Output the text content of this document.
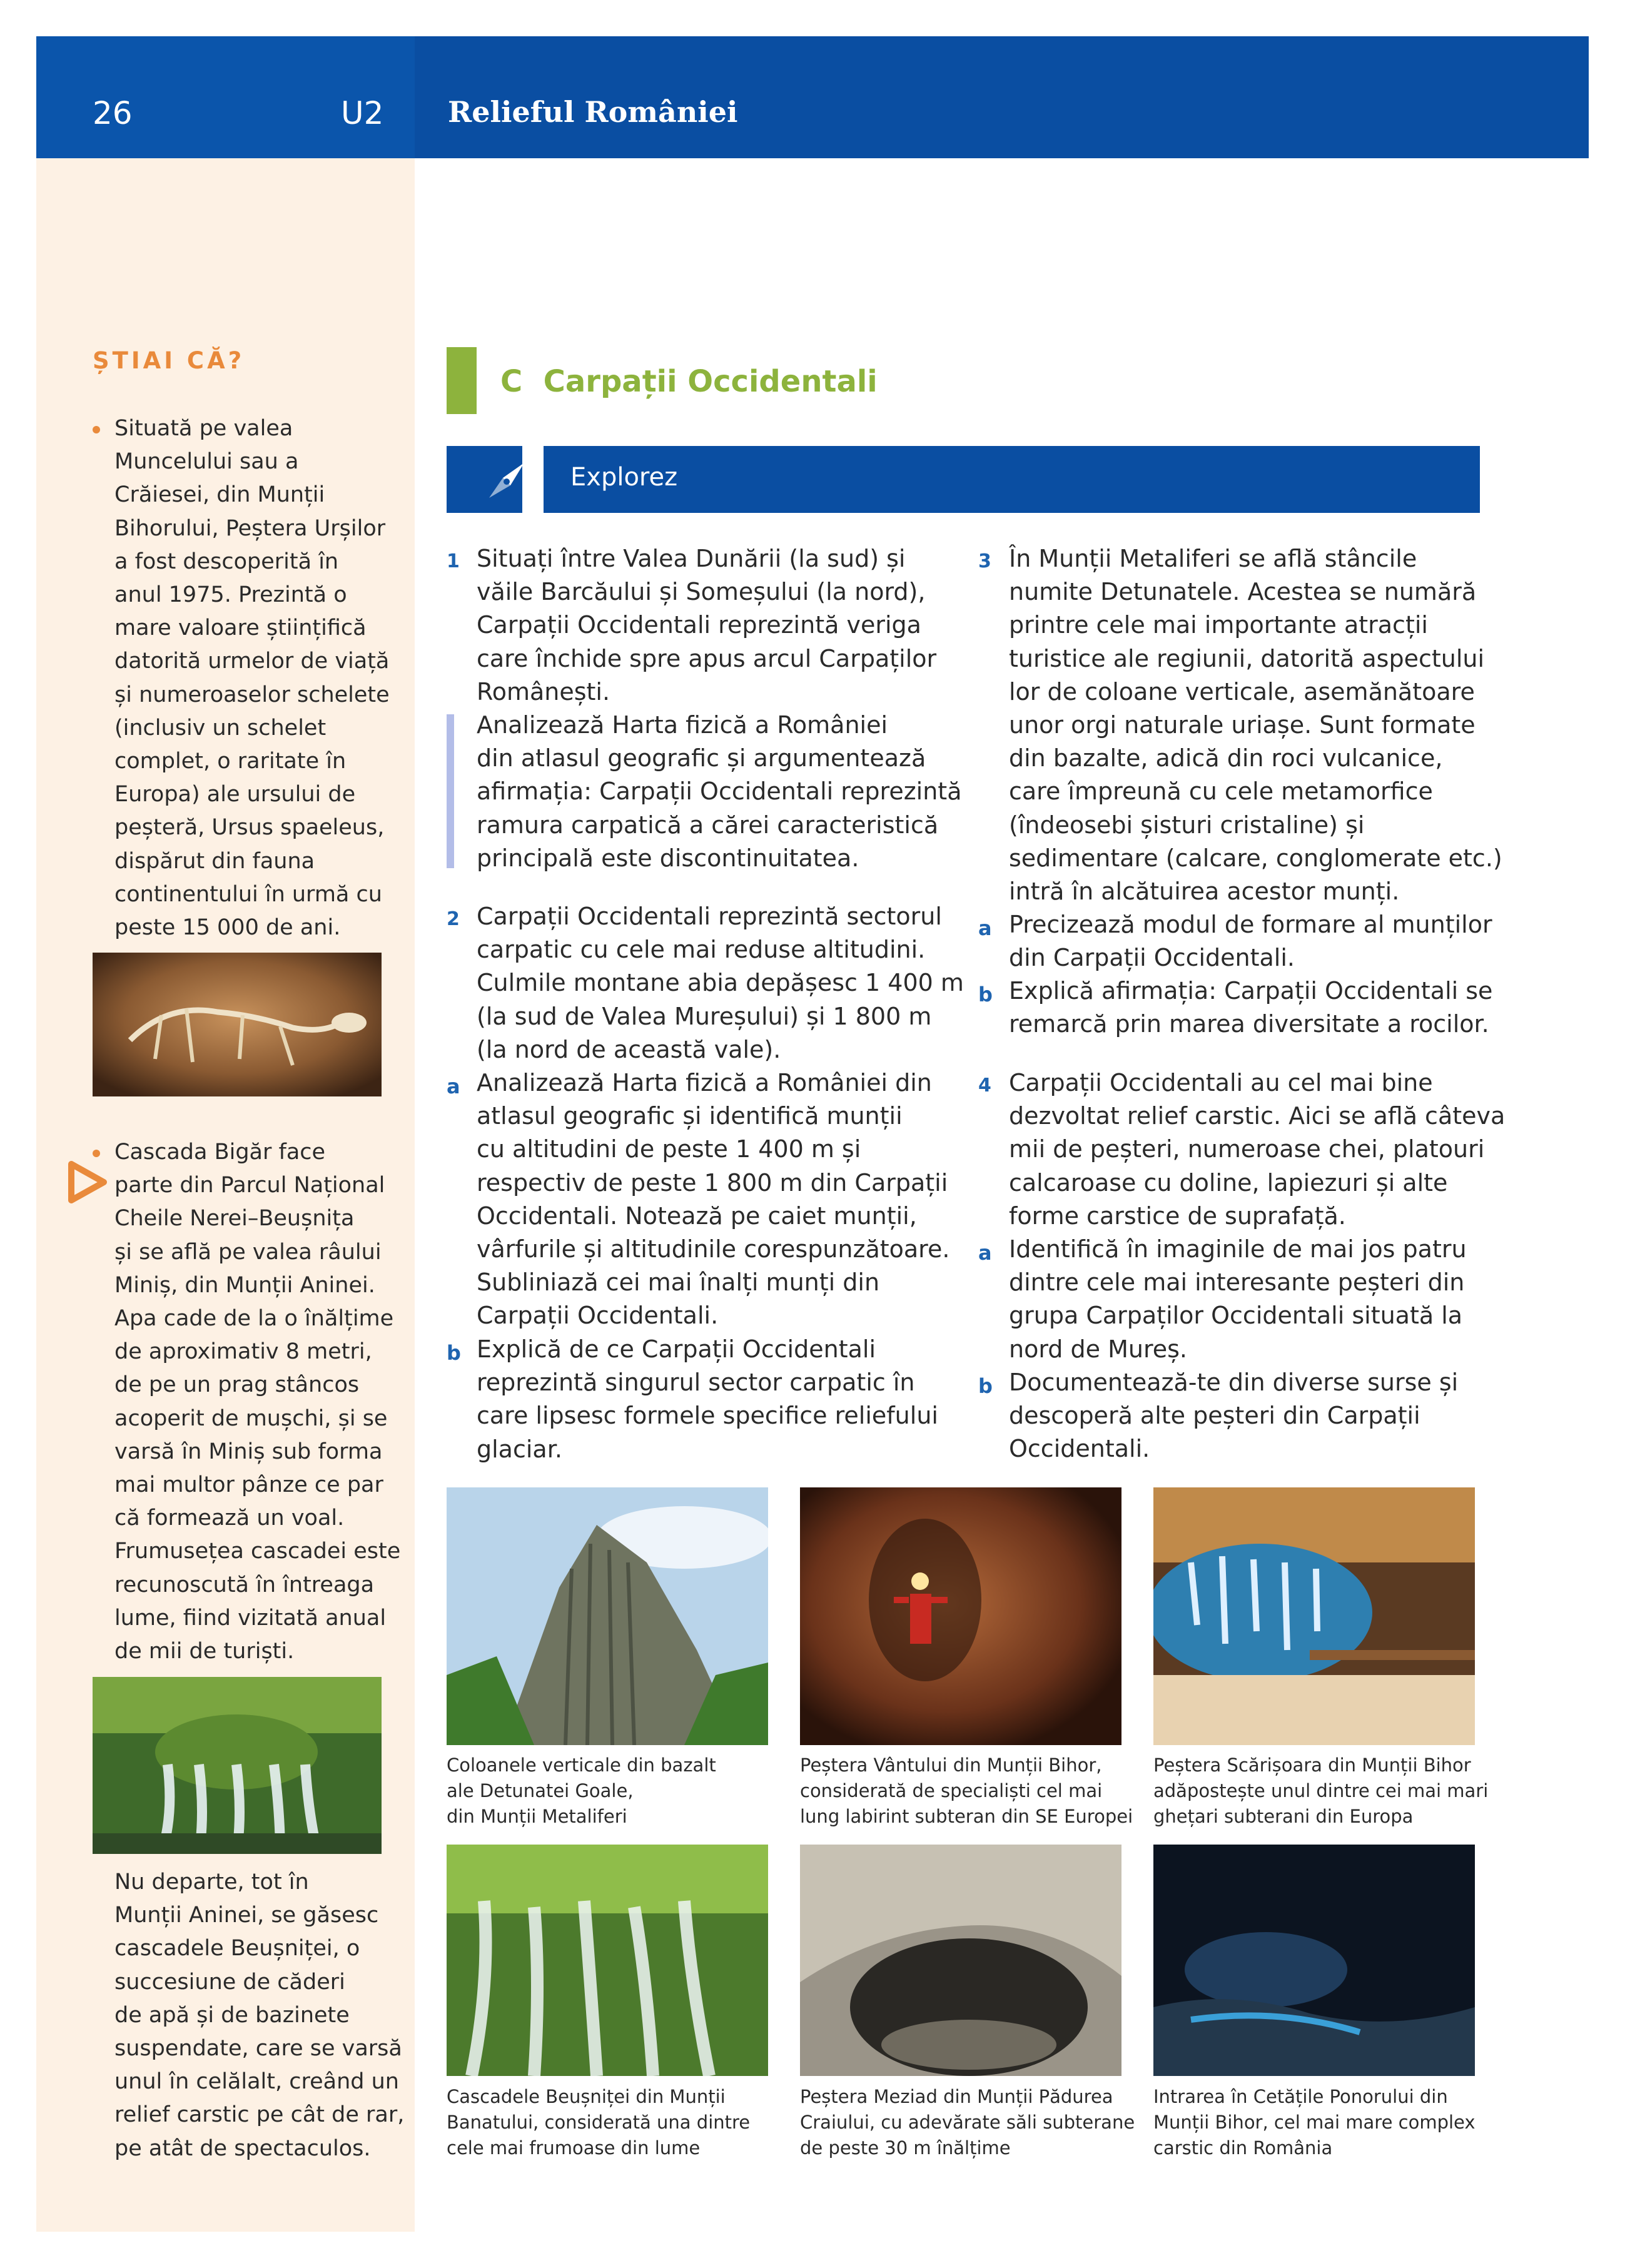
26	U2 Relieful României
ȘTIAI CĂ?
Situată pe valea
Muncelului sau a
Crăiesei, din Munții
Bihorului, Peștera Urșilor
a fost descoperită în
anul 1975. Prezintă o
mare valoare științifică
datorită urmelor de viață
și numeroaselor schelete
(inclusiv un schelet
complet, o raritate în
Europa) ale ursului de
peșteră, Ursus spaeleus,
dispărut din fauna
continentului în urmă cu
peste 15 000 de ani.
Cascada Bigăr face
parte din Parcul Național
Cheile Nerei–Beușnița
și se află pe valea râului
Miniș, din Munții Aninei.
Apa cade de la o înălțime
de aproximativ 8 metri,
de pe un prag stâncos
acoperit de mușchi, și se
varsă în Miniș sub forma
mai multor pânze ce par
că formează un voal.
Frumusețea cascadei este
recunoscută în întreaga
lume, fiind vizitată anual
de mii de turiști.
Nu departe, tot în
Munții Aninei, se găsesc
cascadele Beușniței, o
succesiune de căderi
de apă și de bazinete
suspendate, care se varsă
unul în celălalt, creând un
relief carstic pe cât de rar,
pe atât de spectaculos.
C Carpații Occidentali
Explorez
1 Situați între Valea Dunării (la sud) și
văile Barcăului și Someșului (la nord),
Carpații Occidentali reprezintă veriga
care închide spre apus arcul Carpaților
Românești.
Analizează Harta fizică a României
din atlasul geografic și argumentează
afirmația: Carpații Occidentali reprezintă
ramura carpatică a cărei caracteristică
principală este discontinuitatea.
2 Carpații Occidentali reprezintă sectorul
carpatic cu cele mai reduse altitudini.
Culmile montane abia depășesc 1 400 m
(la sud de Valea Mureșului) și 1 800 m
(la nord de această vale).
a Analizează Harta fizică a României din
atlasul geografic și identifică munții
cu altitudini de peste 1 400 m și
respectiv de peste 1 800 m din Carpații
Occidentali. Notează pe caiet munții,
vârfurile și altitudinile corespunzătoare.
Subliniază cei mai înalți munți din
Carpații Occidentali.
b Explică de ce Carpații Occidentali
reprezintă singurul sector carpatic în
care lipsesc formele specifice reliefului
glaciar.
3 În Munții Metaliferi se află stâncile
numite Detunatele. Acestea se numără
printre cele mai importante atracții
turistice ale regiunii, datorită aspectului
lor de coloane verticale, asemănătoare
unor orgi naturale uriașe. Sunt formate
din bazalte, adică din roci vulcanice,
care împreună cu cele metamorfice
(îndeosebi șisturi cristaline) și
sedimentare (calcare, conglomerate etc.)
intră în alcătuirea acestor munți.
a Precizează modul de formare al munților
din Carpații Occidentali.
b Explică afirmația: Carpații Occidentali se
remarcă prin marea diversitate a rocilor.
4 Carpații Occidentali au cel mai bine
dezvoltat relief carstic. Aici se află câteva
mii de peșteri, numeroase chei, platouri
calcaroase cu doline, lapiezuri și alte
forme carstice de suprafață.
a Identifică în imaginile de mai jos patru
dintre cele mai interesante peșteri din
grupa Carpaților Occidentali situată la
nord de Mureș.
b Documentează-te din diverse surse și
descoperă alte peșteri din Carpații
Occidentali.
Coloanele verticale din bazalt
ale Detunatei Goale,
din Munții Metaliferi
Peștera Vântului din Munții Bihor,
considerată de specialiști cel mai
lung labirint subteran din SE Europei
Peștera Scărișoara din Munții Bihor
adăpostește unul dintre cei mai mari
ghețari subterani din Europa
Cascadele Beușniței din Munții
Banatului, considerată una dintre
cele mai frumoase din lume
Peștera Meziad din Munții Pădurea
Craiului, cu adevărate săli subterane
de peste 30 m înălțime
Intrarea în Cetățile Ponorului din
Munții Bihor, cel mai mare complex
carstic din România
